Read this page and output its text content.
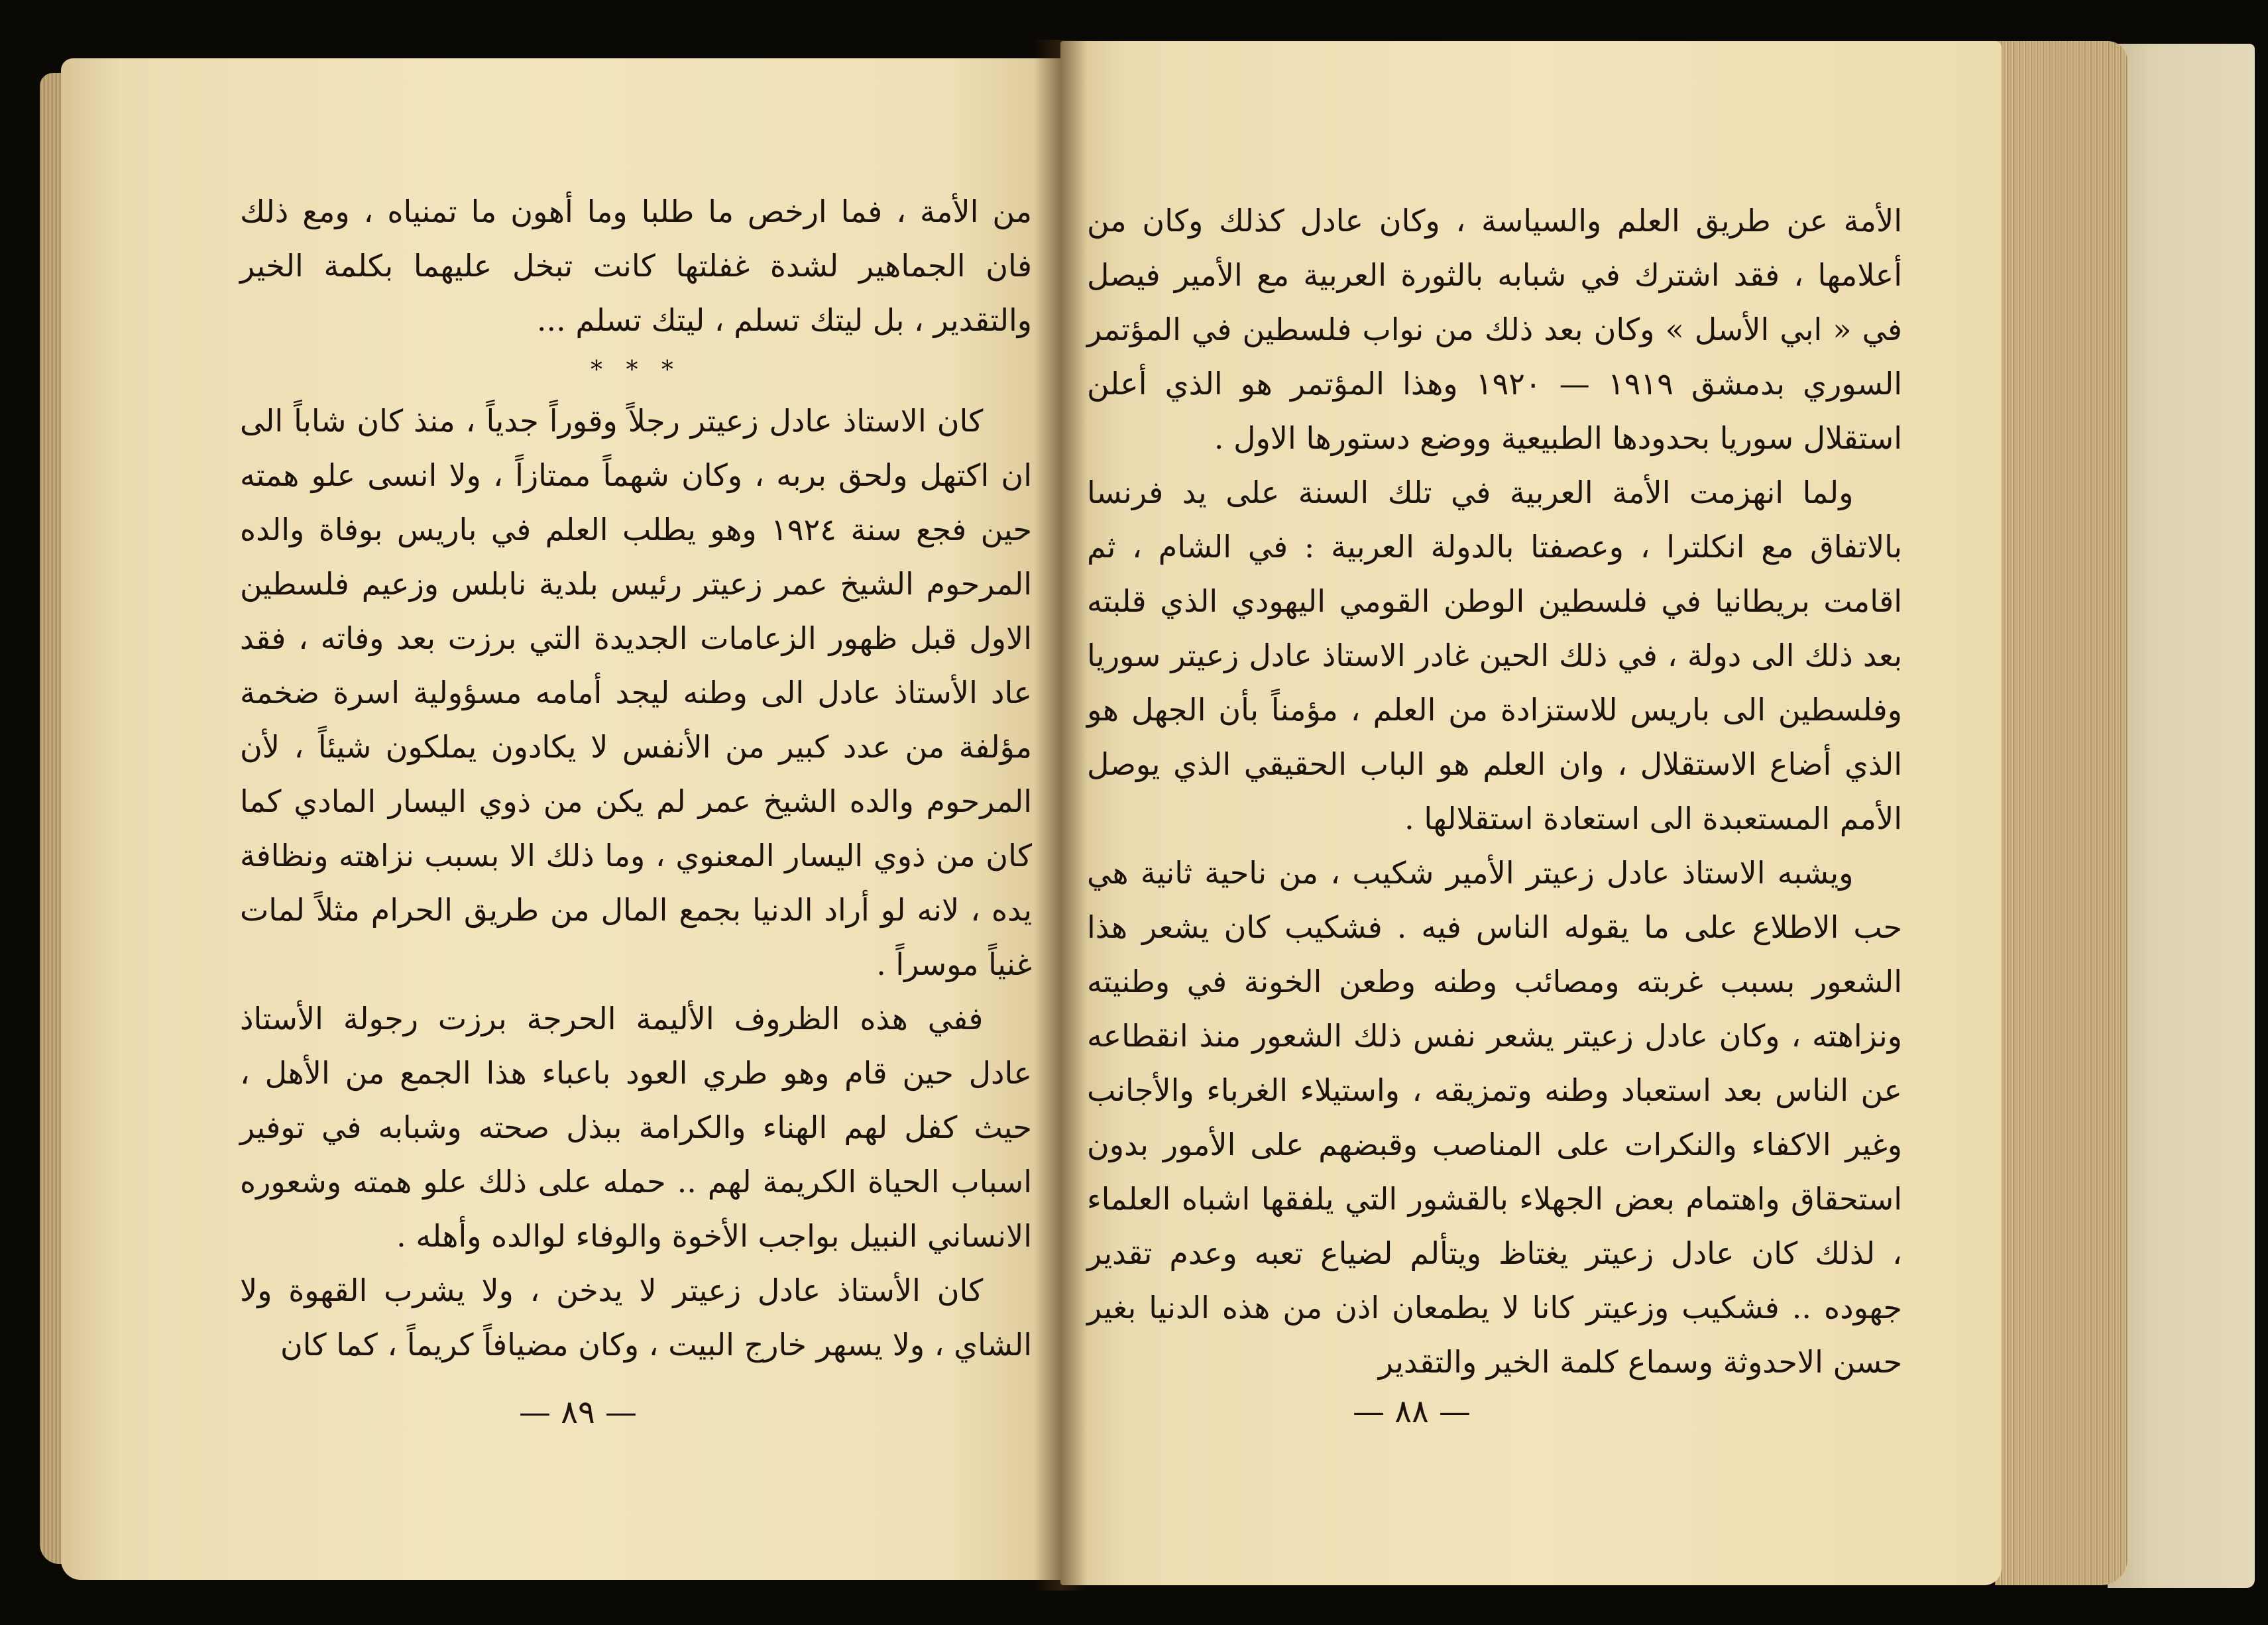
من الأمة ، فما ارخص ما طلبا وما أهون ما تمنياه ، ومع ذلك فان الجماهير لشدة غفلتها كانت تبخل عليهما بكلمة الخير والتقدير ، بل ليتك تسلم ، ليتك تسلم ...

* * *

كان الاستاذ عادل زعيتر رجلاً وقوراً جدياً ، منذ كان شاباً الى ان اكتهل ولحق بربه ، وكان شهماً ممتازاً ، ولا انسى علو همته حين فجع سنة ١٩٢٤ وهو يطلب العلم في باريس بوفاة والده المرحوم الشيخ عمر زعيتر رئيس بلدية نابلس وزعيم فلسطين الاول قبل ظهور الزعامات الجديدة التي برزت بعد وفاته ، فقد عاد الأستاذ عادل الى وطنه ليجد أمامه مسؤولية اسرة ضخمة مؤلفة من عدد كبير من الأنفس لا يكادون يملكون شيئاً ، لأن المرحوم والده الشيخ عمر لم يكن من ذوي اليسار المادي كما كان من ذوي اليسار المعنوي ، وما ذلك الا بسبب نزاهته ونظافة يده ، لانه لو أراد الدنيا بجمع المال من طريق الحرام مثلاً لمات غنياً موسراً .

ففي هذه الظروف الأليمة الحرجة برزت رجولة الأستاذ عادل حين قام وهو طري العود باعباء هذا الجمع من الأهل ، حيث كفل لهم الهناء والكرامة ببذل صحته وشبابه في توفير اسباب الحياة الكريمة لهم .. حمله على ذلك علو همته وشعوره الانساني النبيل بواجب الأخوة والوفاء لوالده وأهله .

كان الأستاذ عادل زعيتر لا يدخن ، ولا يشرب القهوة ولا الشاي ، ولا يسهر خارج البيت ، وكان مضيافاً كريماً ، كما كان

— ٨٩ —

الأمة عن طريق العلم والسياسة ، وكان عادل كذلك وكان من أعلامها ، فقد اشترك في شبابه بالثورة العربية مع الأمير فيصل في « ابي الأسل » وكان بعد ذلك من نواب فلسطين في المؤتمر السوري بدمشق ١٩١٩ — ١٩٢٠ وهذا المؤتمر هو الذي أعلن استقلال سوريا بحدودها الطبيعية ووضع دستورها الاول .

ولما انهزمت الأمة العربية في تلك السنة على يد فرنسا بالاتفاق مع انكلترا ، وعصفتا بالدولة العربية : في الشام ، ثم اقامت بريطانيا في فلسطين الوطن القومي اليهودي الذي قلبته بعد ذلك الى دولة ، في ذلك الحين غادر الاستاذ عادل زعيتر سوريا وفلسطين الى باريس للاستزادة من العلم ، مؤمناً بأن الجهل هو الذي أضاع الاستقلال ، وان العلم هو الباب الحقيقي الذي يوصل الأمم المستعبدة الى استعادة استقلالها .

ويشبه الاستاذ عادل زعيتر الأمير شكيب ، من ناحية ثانية هي حب الاطلاع على ما يقوله الناس فيه . فشكيب كان يشعر هذا الشعور بسبب غربته ومصائب وطنه وطعن الخونة في وطنيته ونزاهته ، وكان عادل زعيتر يشعر نفس ذلك الشعور منذ انقطاعه عن الناس بعد استعباد وطنه وتمزيقه ، واستيلاء الغرباء والأجانب وغير الاكفاء والنكرات على المناصب وقبضهم على الأمور بدون استحقاق واهتمام بعض الجهلاء بالقشور التي يلفقها اشباه العلماء ، لذلك كان عادل زعيتر يغتاظ ويتألم لضياع تعبه وعدم تقدير جهوده .. فشكيب وزعيتر كانا لا يطمعان اذن من هذه الدنيا بغير حسن الاحدوثة وسماع كلمة الخير والتقدير

— ٨٨ —
